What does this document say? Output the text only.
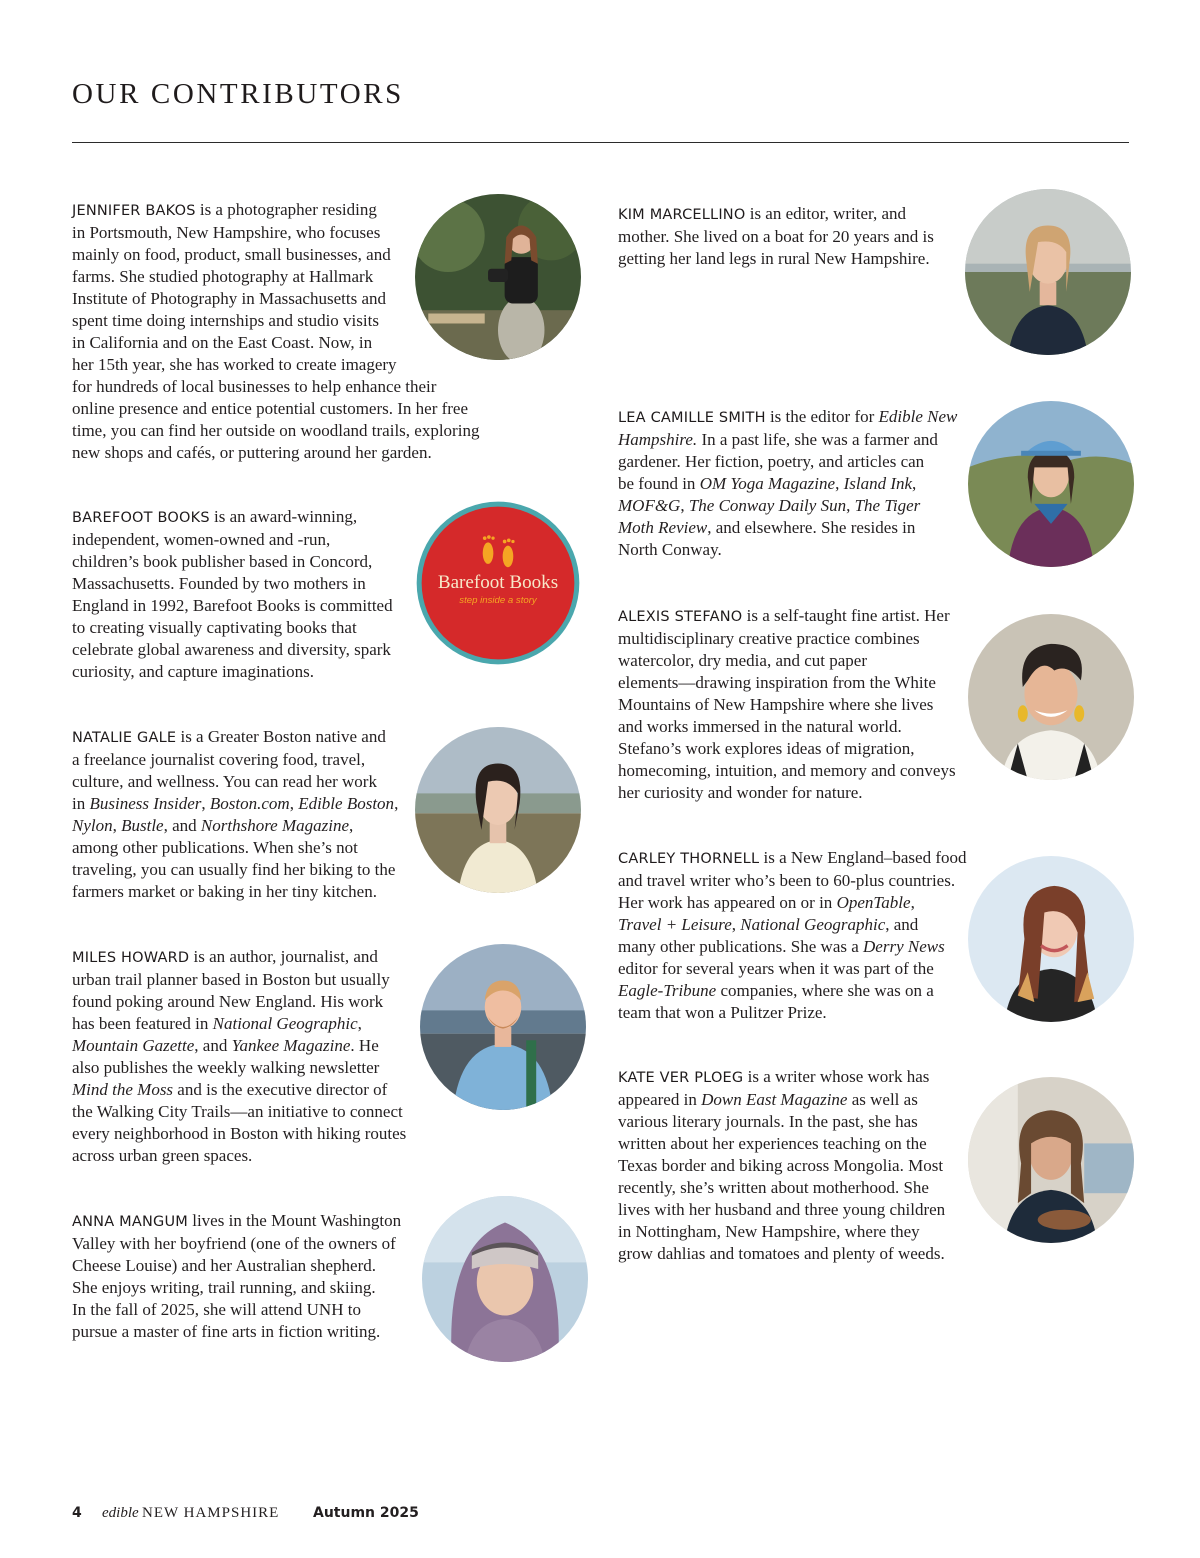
OUR CONTRIBUTORS

JENNIFER BAKOS is a photographer residing
in Portsmouth, New Hampshire, who focuses
mainly on food, product, small businesses, and
farms. She studied photography at Hallmark
Institute of Photography in Massachusetts and
spent time doing internships and studio visits
in California and on the East Coast. Now, in
her 15th year, she has worked to create imagery
for hundreds of local businesses to help enhance their
online presence and entice potential customers. In her free
time, you can find her outside on woodland trails, exploring
new shops and cafés, or puttering around her garden.

BAREFOOT BOOKS is an award-winning,
independent, women-owned and -run,
children’s book publisher based in Concord,
Massachusetts. Founded by two mothers in
England in 1992, Barefoot Books is committed
to creating visually captivating books that
celebrate global awareness and diversity, spark
curiosity, and capture imaginations.

NATALIE GALE is a Greater Boston native and
a freelance journalist covering food, travel,
culture, and wellness. You can read her work
in Business Insider, Boston.com, Edible Boston,
Nylon, Bustle, and Northshore Magazine,
among other publications. When she’s not
traveling, you can usually find her biking to the
farmers market or baking in her tiny kitchen.

MILES HOWARD is an author, journalist, and
urban trail planner based in Boston but usually
found poking around New England. His work
has been featured in National Geographic,
Mountain Gazette, and Yankee Magazine. He
also publishes the weekly walking newsletter
Mind the Moss and is the executive director of
the Walking City Trails—an initiative to connect
every neighborhood in Boston with hiking routes
across urban green spaces.

ANNA MANGUM lives in the Mount Washington
Valley with her boyfriend (one of the owners of
Cheese Louise) and her Australian shepherd.
She enjoys writing, trail running, and skiing.
In the fall of 2025, she will attend UNH to
pursue a master of fine arts in fiction writing.

KIM MARCELLINO is an editor, writer, and
mother. She lived on a boat for 20 years and is
getting her land legs in rural New Hampshire.

LEA CAMILLE SMITH is the editor for Edible New
Hampshire. In a past life, she was a farmer and
gardener. Her fiction, poetry, and articles can
be found in OM Yoga Magazine, Island Ink,
MOF&G, The Conway Daily Sun, The Tiger
Moth Review, and elsewhere. She resides in
North Conway.

ALEXIS STEFANO is a self-taught fine artist. Her
multidisciplinary creative practice combines
watercolor, dry media, and cut paper
elements—drawing inspiration from the White
Mountains of New Hampshire where she lives
and works immersed in the natural world.
Stefano’s work explores ideas of migration,
homecoming, intuition, and memory and conveys
her curiosity and wonder for nature.

CARLEY THORNELL is a New England–based food
and travel writer who’s been to 60-plus countries.
Her work has appeared on or in OpenTable,
Travel + Leisure, National Geographic, and
many other publications. She was a Derry News
editor for several years when it was part of the
Eagle-Tribune companies, where she was on a
team that won a Pulitzer Prize.

KATE VER PLOEG is a writer whose work has
appeared in Down East Magazine as well as
various literary journals. In the past, she has
written about her experiences teaching on the
Texas border and biking across Mongolia. Most
recently, she’s written about motherhood. She
lives with her husband and three young children
in Nottingham, New Hampshire, where they
grow dahlias and tomatoes and plenty of weeds.

Barefoot Books
step inside a story
4 edible NEW HAMPSHIRE Autumn 2025
